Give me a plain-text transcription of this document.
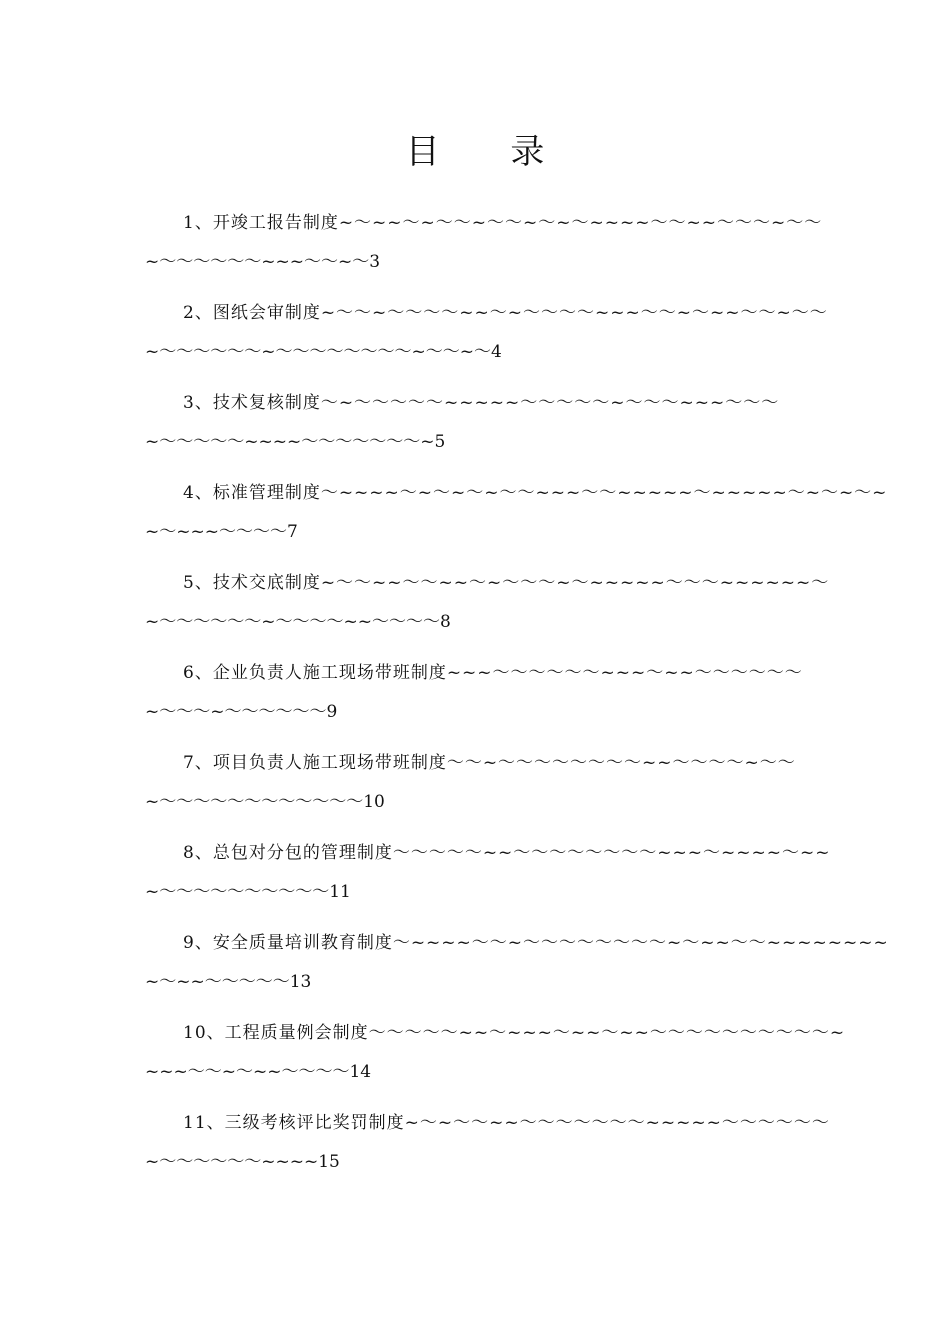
目 录
1、开竣工报告制度~～~~～~～～~～～~～~～~~~~～～~~～～～~～～
~～～～～～～~~~～～~～3
2、图纸会审制度~～～~～～～～~~～~～～～～~~~～～~～~~～～~～～
~～～～～～～~～～～～～～～～~～～~～4
3、技术复核制度～~～～～～～~~~~~～～～～～~～～～~~~～～～
~～～～～～~~~~～～～～～～～~5
4、标准管理制度～~~~~～~～~～~～～~~~～～~~~~~～~~~~~～~～~～~
~～~~~～～～～7
5、技术交底制度~～～~~～～~~～~～～～~～~~~~~～～～~~~~~~～
~～～～～～～~～～～～~~～～～～8
6、企业负责人施工现场带班制度~~~～～～～～～~~~～~~～～～～～～
~～～～~～～～～～～9
7、项目负责人施工现场带班制度～～~～～～～～～～～~~～～～～~～～
~～～～～～～～～～～～～10
8、总包对分包的管理制度～～～～～~~～～～～～～～～~~~～~~~~～~~
~～～～～～～～～～～11
9、安全质量培训教育制度～~~~~～～~～～～～～～～～~～~~～～~~~~~~~~
~～~~～～～～～13
10、工程质量例会制度～～～～～~~～~~~～~~～~~～～～～～～～～～～~
~~~～～~～~~～～～～14
11、三级考核评比奖罚制度~～~～～~~～～～～～～～~~~~~～～～～～～
~～～～～～～~~~~15
